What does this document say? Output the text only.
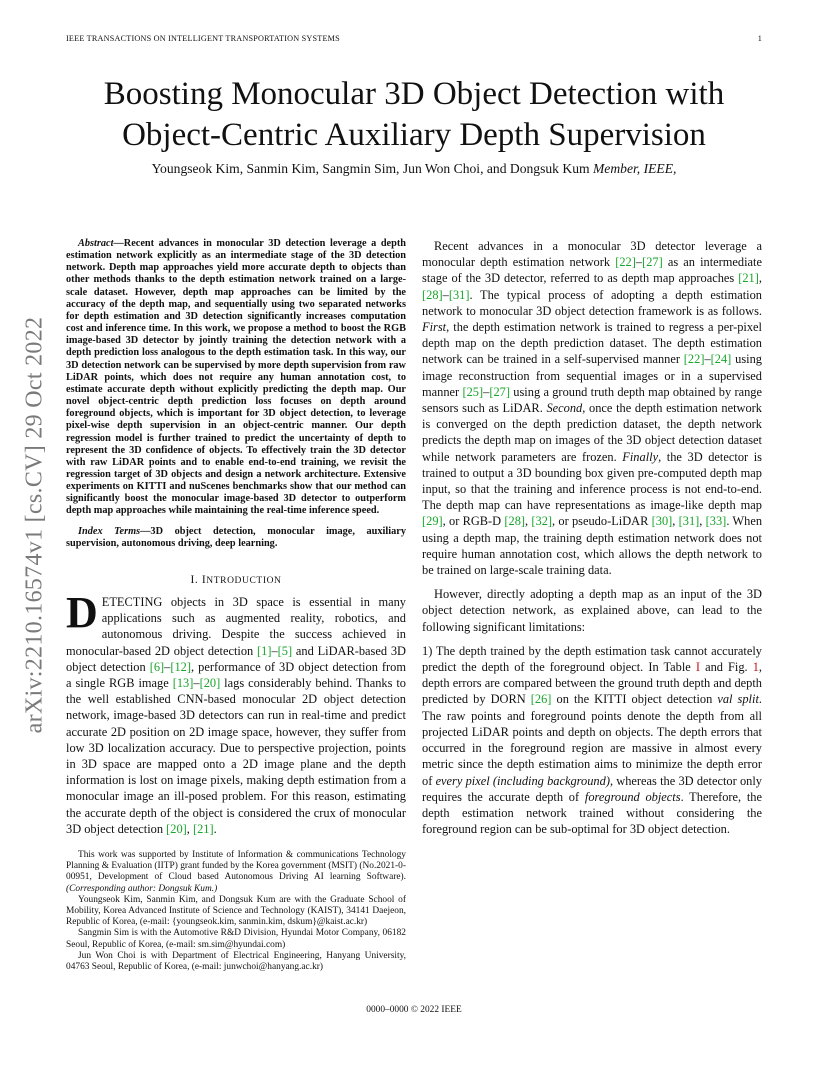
IEEE TRANSACTIONS ON INTELLIGENT TRANSPORTATION SYSTEMS	1
arXiv:2210.16574v1 [cs.CV] 29 Oct 2022
Boosting Monocular 3D Object Detection with
Object-Centric Auxiliary Depth Supervision
Youngseok Kim, Sanmin Kim, Sangmin Sim, Jun Won Choi, and Dongsuk Kum Member, IEEE,

Abstract—Recent advances in monocular 3D detection leverage a depth estimation network explicitly as an intermediate stage of the 3D detection network. Depth map approaches yield more accurate depth to objects than other methods thanks to the depth estimation network trained on a large-scale dataset. However, depth map approaches can be limited by the accuracy of the depth map, and sequentially using two separated networks for depth estimation and 3D detection significantly increases computation cost and inference time. In this work, we propose a method to boost the RGB image-based 3D detector by jointly training the detection network with a depth prediction loss analogous to the depth estimation task. In this way, our 3D detection network can be supervised by more depth supervision from raw LiDAR points, which does not require any human annotation cost, to estimate accurate depth without explicitly predicting the depth map. Our novel object-centric depth prediction loss focuses on depth around foreground objects, which is important for 3D object detection, to leverage pixel-wise depth supervision in an object-centric manner. Our depth regression model is further trained to predict the uncertainty of depth to represent the 3D confidence of objects. To effectively train the 3D detector with raw LiDAR points and to enable end-to-end training, we revisit the regression target of 3D objects and design a network architecture. Extensive experiments on KITTI and nuScenes benchmarks show that our method can significantly boost the monocular image-based 3D detector to outperform depth map approaches while maintaining the real-time inference speed.

Index Terms—3D object detection, monocular image, auxiliary supervision, autonomous driving, deep learning.

I. INTRODUCTION

DETECTING objects in 3D space is essential in many applications such as augmented reality, robotics, and autonomous driving. Despite the success achieved in monocular-based 2D object detection [1]–[5] and LiDAR-based 3D object detection [6]–[12], performance of 3D object detection from a single RGB image [13]–[20] lags considerably behind. Thanks to the well established CNN-based monocular 2D object detection network, image-based 3D detectors can run in real-time and predict accurate 2D position on 2D image space, however, they suffer from low 3D localization accuracy. Due to perspective projection, points in 3D space are mapped onto a 2D image plane and the depth information is lost on image pixels, making depth estimation from a monocular image an ill-posed problem. For this reason, estimating the accurate depth of the object is considered the crux of monocular 3D object detection [20], [21].

Recent advances in a monocular 3D detector leverage a monocular depth estimation network [22]–[27] as an intermediate stage of the 3D detector, referred to as depth map approaches [21], [28]–[31]. The typical process of adopting a depth estimation network to monocular 3D object detection framework is as follows. First, the depth estimation network is trained to regress a per-pixel depth map on the depth prediction dataset. The depth estimation network can be trained in a self-supervised manner [22]–[24] using image reconstruction from sequential images or in a supervised manner [25]–[27] using a ground truth depth map obtained by range sensors such as LiDAR. Second, once the depth estimation network is converged on the depth prediction dataset, the depth network predicts the depth map on images of the 3D object detection dataset while network parameters are frozen. Finally, the 3D detector is trained to output a 3D bounding box given pre-computed depth map input, so that the training and inference process is not end-to-end. The depth map can have representations as image-like depth map [29], or RGB-D [28], [32], or pseudo-LiDAR [30], [31], [33]. When using a depth map, the training depth estimation network does not require human annotation cost, which allows the depth network to be trained on large-scale training data.

However, directly adopting a depth map as an input of the 3D object detection network, as explained above, can lead to the following significant limitations:

1) The depth trained by the depth estimation task cannot accurately predict the depth of the foreground object. In Table I and Fig. 1, depth errors are compared between the ground truth depth and depth predicted by DORN [26] on the KITTI object detection val split. The raw points and foreground points denote the depth from all projected LiDAR points and depth on objects. The depth errors that occurred in the foreground region are massive in almost every metric since the depth estimation aims to minimize the depth error of every pixel (including background), whereas the 3D detector only requires the accurate depth of foreground objects. Therefore, the depth estimation network trained without considering the foreground region can be sub-optimal for 3D object detection.

This work was supported by Institute of Information & communications Technology Planning & Evaluation (IITP) grant funded by the Korea government (MSIT) (No.2021-0-00951, Development of Cloud based Autonomous Driving AI learning Software). (Corresponding author: Dongsuk Kum.)

Youngseok Kim, Sanmin Kim, and Dongsuk Kum are with the Graduate School of Mobility, Korea Advanced Institute of Science and Technology (KAIST), 34141 Daejeon, Republic of Korea, (e-mail: {youngseok.kim, sanmin.kim, dskum}@kaist.ac.kr)

Sangmin Sim is with the Automotive R&D Division, Hyundai Motor Company, 06182 Seoul, Republic of Korea, (e-mail: sm.sim@hyundai.com)

Jun Won Choi is with Department of Electrical Engineering, Hanyang University, 04763 Seoul, Republic of Korea, (e-mail: junwchoi@hanyang.ac.kr)

0000–0000 © 2022 IEEE
